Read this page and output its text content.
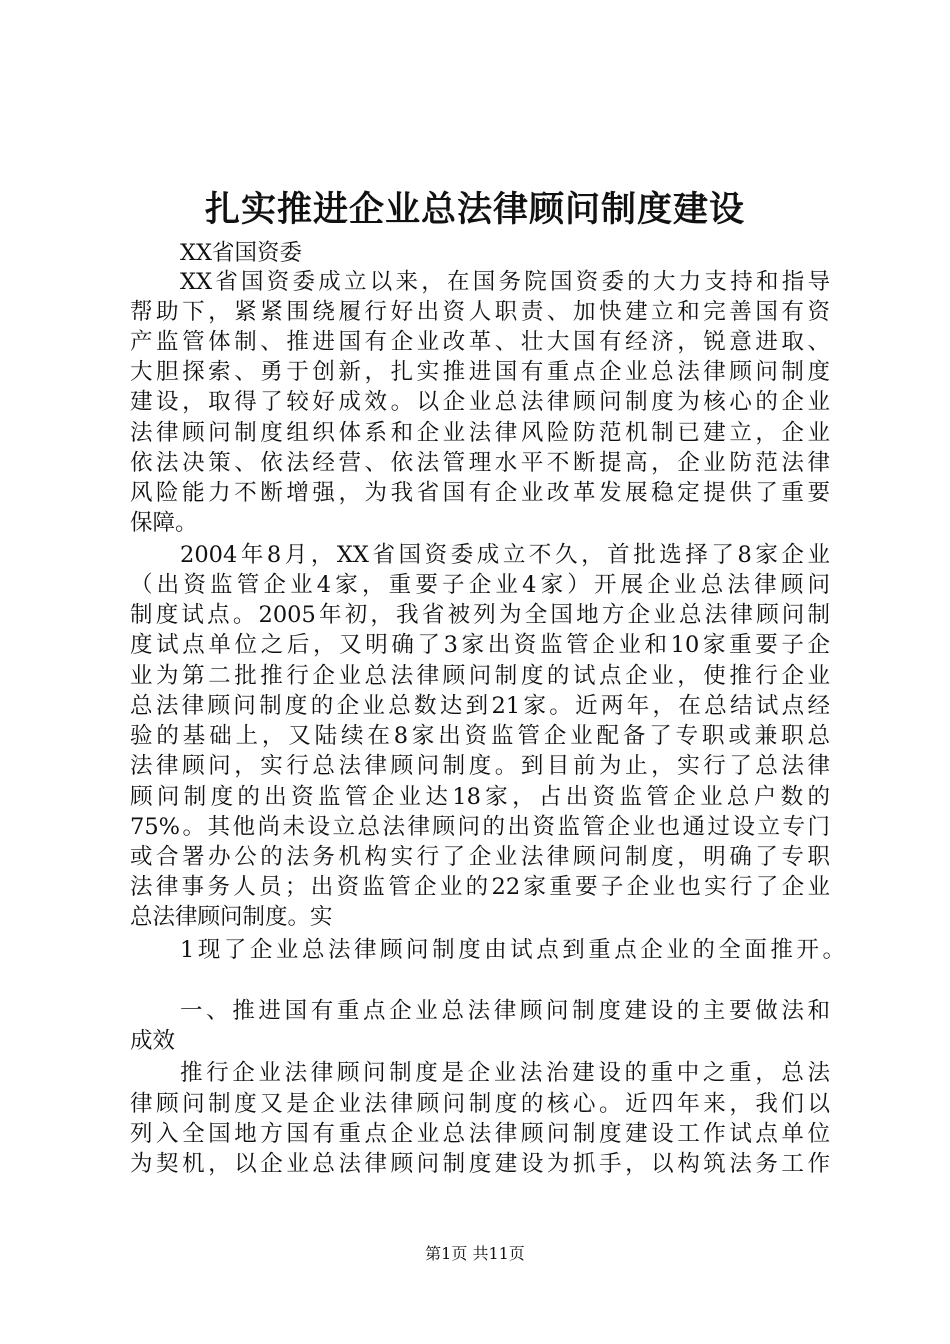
扎实推进企业总法律顾问制度建设
XX省国资委
XX省国资委成立以来，在国务院国资委的大力支持和指导
帮助下，紧紧围绕履行好出资人职责、加快建立和完善国有资
产监管体制、推进国有企业改革、壮大国有经济，锐意进取、
大胆探索、勇于创新，扎实推进国有重点企业总法律顾问制度
建设，取得了较好成效。以企业总法律顾问制度为核心的企业
法律顾问制度组织体系和企业法律风险防范机制已建立，企业
依法决策、依法经营、依法管理水平不断提高，企业防范法律
风险能力不断增强，为我省国有企业改革发展稳定提供了重要
保障。
2004年8月，XX省国资委成立不久，首批选择了8家企业
（出资监管企业4家，重要子企业4家）开展企业总法律顾问
制度试点。2005年初，我省被列为全国地方企业总法律顾问制
度试点单位之后，又明确了3家出资监管企业和10家重要子企
业为第二批推行企业总法律顾问制度的试点企业，使推行企业
总法律顾问制度的企业总数达到21家。近两年，在总结试点经
验的基础上，又陆续在8家出资监管企业配备了专职或兼职总
法律顾问，实行总法律顾问制度。到目前为止，实行了总法律
顾问制度的出资监管企业达18家，占出资监管企业总户数的
75%。其他尚未设立总法律顾问的出资监管企业也通过设立专门
或合署办公的法务机构实行了企业法律顾问制度，明确了专职
法律事务人员；出资监管企业的22家重要子企业也实行了企业
总法律顾问制度。实
1现了企业总法律顾问制度由试点到重点企业的全面推开。
一、推进国有重点企业总法律顾问制度建设的主要做法和
成效
推行企业法律顾问制度是企业法治建设的重中之重，总法
律顾问制度又是企业法律顾问制度的核心。近四年来，我们以
列入全国地方国有重点企业总法律顾问制度建设工作试点单位
为契机，以企业总法律顾问制度建设为抓手，以构筑法务工作
第1页 共11页
